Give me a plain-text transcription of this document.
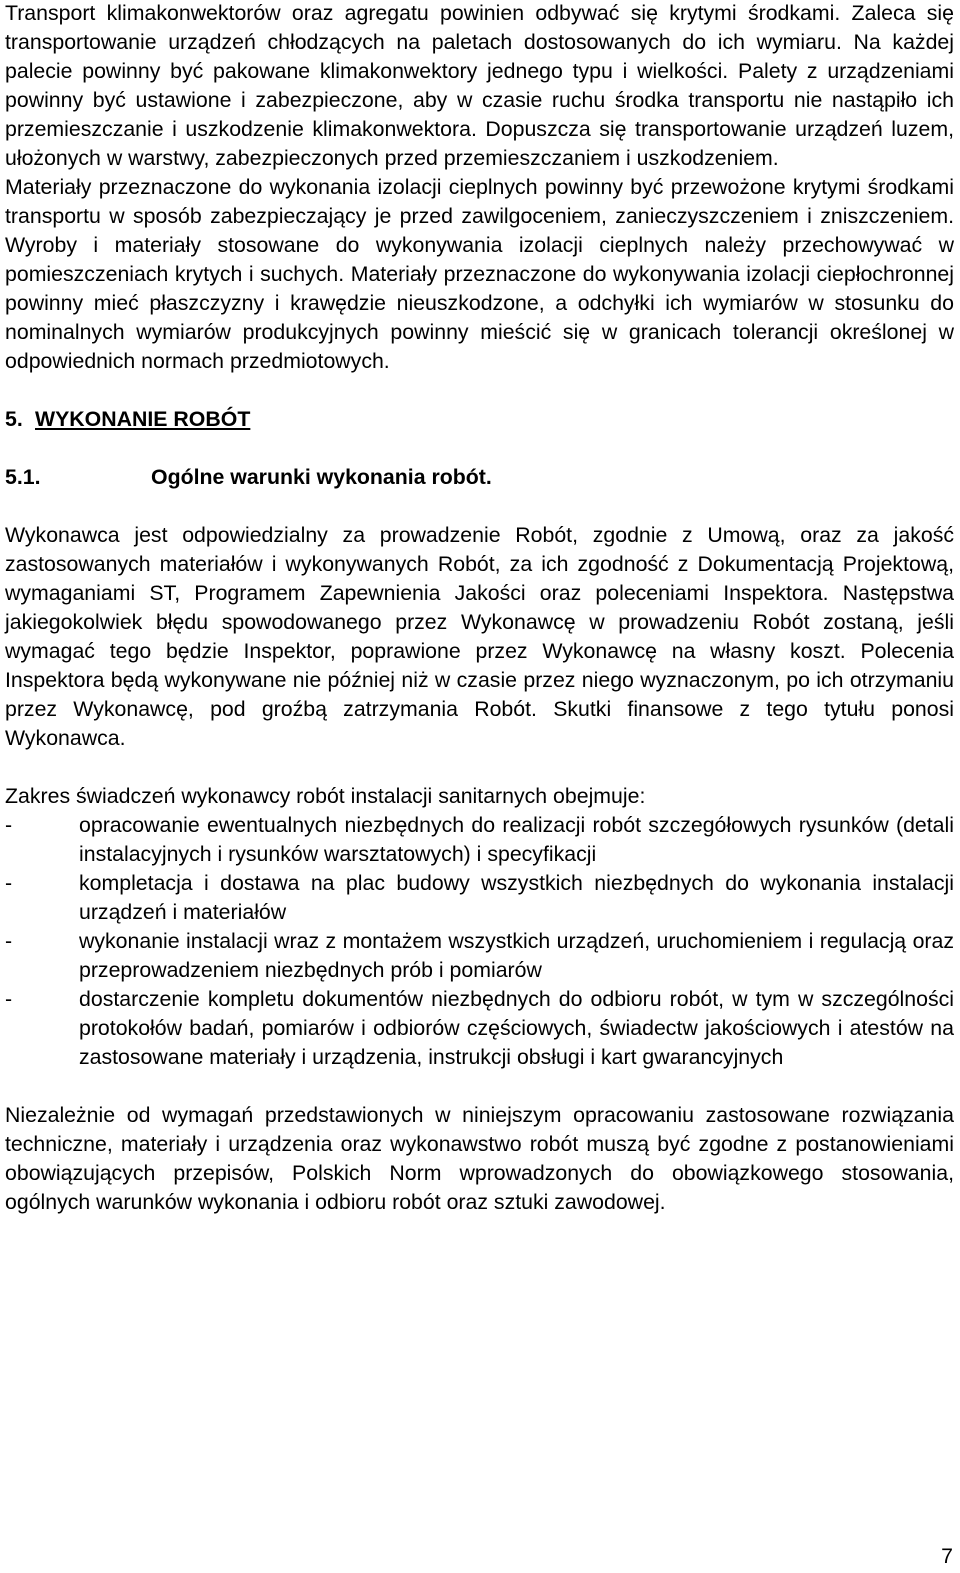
Transport klimakonwektorów oraz agregatu powinien odbywać się krytymi środkami. Zaleca się transportowanie urządzeń chłodzących na paletach dostosowanych do ich wymiaru. Na każdej palecie powinny być pakowane klimakonwektory jednego typu i wielkości. Palety z urządzeniami powinny być ustawione i zabezpieczone, aby w czasie ruchu środka transportu nie nastąpiło ich przemieszczanie i uszkodzenie klimakonwektora. Dopuszcza się transportowanie urządzeń luzem, ułożonych w warstwy, zabezpieczonych przed przemieszczaniem i uszkodzeniem.

Materiały przeznaczone do wykonania izolacji cieplnych powinny być przewożone krytymi środkami transportu w sposób zabezpieczający je przed zawilgoceniem, zanieczyszczeniem i zniszczeniem. Wyroby i materiały stosowane do wykonywania izolacji cieplnych należy przechowywać w pomieszczeniach krytych i suchych. Materiały przeznaczone do wykonywania izolacji ciepłochronnej powinny mieć płaszczyzny i krawędzie nieuszkodzone, a odchyłki ich wymiarów w stosunku do nominalnych wymiarów produkcyjnych powinny mieścić się w granicach tolerancji określonej w odpowiednich normach przedmiotowych.

5. WYKONANIE ROBÓT
5.1.	Ogólne warunki wykonania robót.

Wykonawca jest odpowiedzialny za prowadzenie Robót, zgodnie z Umową, oraz za jakość zastosowanych materiałów i wykonywanych Robót, za ich zgodność z Dokumentacją Projektową, wymaganiami ST, Programem Zapewnienia Jakości oraz poleceniami Inspektora. Następstwa jakiegokolwiek błędu spowodowanego przez Wykonawcę w prowadzeniu Robót zostaną, jeśli wymagać tego będzie Inspektor, poprawione przez Wykonawcę na własny koszt. Polecenia Inspektora będą wykonywane nie później niż w czasie przez niego wyznaczonym, po ich otrzymaniu przez Wykonawcę, pod groźbą zatrzymania Robót. Skutki finansowe z tego tytułu ponosi Wykonawca.

Zakres świadczeń wykonawcy robót instalacji sanitarnych obejmuje:

-	opracowanie ewentualnych niezbędnych do realizacji robót szczegółowych rysunków (detali instalacyjnych i rysunków warsztatowych) i specyfikacji
-	kompletacja i dostawa na plac budowy wszystkich niezbędnych do wykonania instalacji urządzeń i materiałów
-	wykonanie instalacji wraz z montażem wszystkich urządzeń, uruchomieniem i regulacją oraz przeprowadzeniem niezbędnych prób i pomiarów
-	dostarczenie kompletu dokumentów niezbędnych do odbioru robót, w tym w szczególności protokołów badań, pomiarów i odbiorów częściowych, świadectw jakościowych i atestów na zastosowane materiały i urządzenia, instrukcji obsługi i kart gwarancyjnych

Niezależnie od wymagań przedstawionych w niniejszym opracowaniu zastosowane rozwiązania techniczne, materiały i urządzenia oraz wykonawstwo robót muszą być zgodne z postanowieniami obowiązujących przepisów, Polskich Norm wprowadzonych do obowiązkowego stosowania, ogólnych warunków wykonania i odbioru robót oraz sztuki zawodowej.

7
